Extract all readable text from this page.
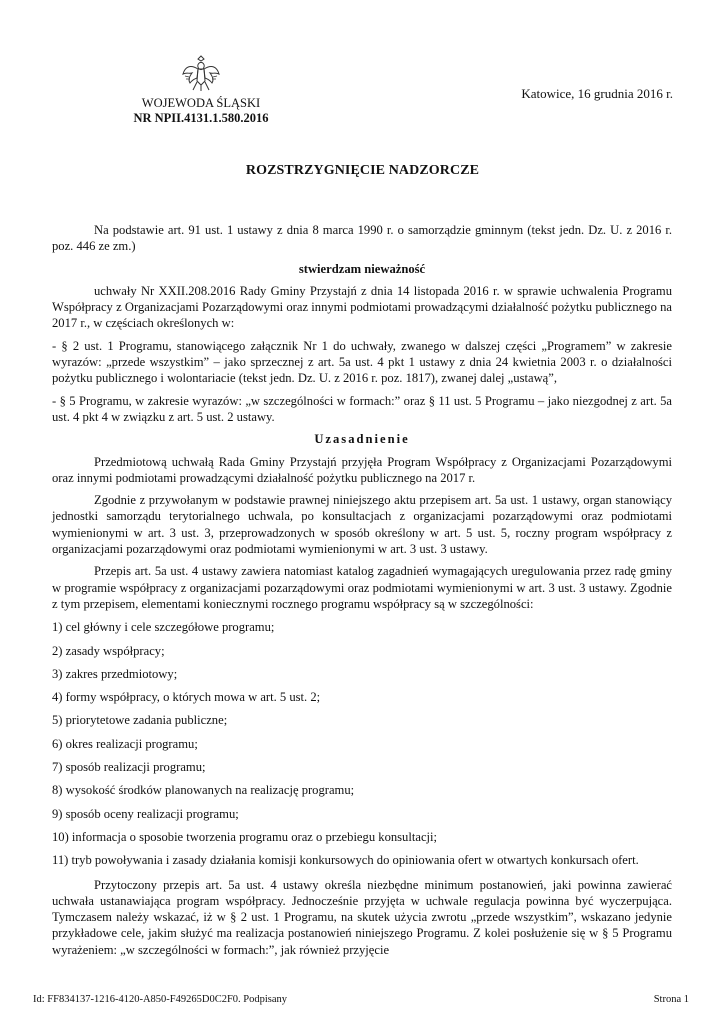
WOJEWODA ŚLĄSKI
NR NPII.4131.1.580.2016
Katowice, 16 grudnia 2016 r.
ROZSTRZYGNIĘCIE NADZORCZE

Na podstawie art. 91 ust. 1 ustawy z dnia 8 marca 1990 r. o samorządzie gminnym (tekst jedn. Dz. U. z 2016 r. poz. 446 ze zm.)

stwierdzam nieważność

uchwały Nr XXII.208.2016 Rady Gminy Przystajń z dnia 14 listopada 2016 r. w sprawie uchwalenia Programu Współpracy z Organizacjami Pozarządowymi oraz innymi podmiotami prowadzącymi działalność pożytku publicznego na 2017 r., w częściach określonych w:

- § 2 ust. 1 Programu, stanowiącego załącznik Nr 1 do uchwały, zwanego w dalszej części „Programem” w zakresie wyrazów: „przede wszystkim” – jako sprzecznej z art. 5a ust. 4 pkt 1 ustawy z dnia 24 kwietnia 2003 r. o działalności pożytku publicznego i wolontariacie (tekst jedn. Dz. U. z 2016 r. poz. 1817), zwanej dalej „ustawą”,

- § 5 Programu, w zakresie wyrazów: „w szczególności w formach:” oraz § 11 ust. 5 Programu – jako niezgodnej z art. 5a ust. 4 pkt 4 w związku z art. 5 ust. 2 ustawy.

Uzasadnienie

Przedmiotową uchwałą Rada Gminy Przystajń przyjęła Program Współpracy z Organizacjami Pozarządowymi oraz innymi podmiotami prowadzącymi działalność pożytku publicznego na 2017 r.

Zgodnie z przywołanym w podstawie prawnej niniejszego aktu przepisem art. 5a ust. 1 ustawy, organ stanowiący jednostki samorządu terytorialnego uchwala, po konsultacjach z organizacjami pozarządowymi oraz podmiotami wymienionymi w art. 3 ust. 3, przeprowadzonych w sposób określony w art. 5 ust. 5, roczny program współpracy z organizacjami pozarządowymi oraz podmiotami wymienionymi w art. 3 ust. 3 ustawy.

Przepis art. 5a ust. 4 ustawy zawiera natomiast katalog zagadnień wymagających uregulowania przez radę gminy w programie współpracy z organizacjami pozarządowymi oraz podmiotami wymienionymi w art. 3 ust. 3 ustawy. Zgodnie z tym przepisem, elementami koniecznymi rocznego programu współpracy są w szczególności:

1) cel główny i cele szczegółowe programu;

2) zasady współpracy;

3) zakres przedmiotowy;

4) formy współpracy, o których mowa w art. 5 ust. 2;

5) priorytetowe zadania publiczne;

6) okres realizacji programu;

7) sposób realizacji programu;

8) wysokość środków planowanych na realizację programu;

9) sposób oceny realizacji programu;

10) informacja o sposobie tworzenia programu oraz o przebiegu konsultacji;

11) tryb powoływania i zasady działania komisji konkursowych do opiniowania ofert w otwartych konkursach ofert.

Przytoczony przepis art. 5a ust. 4 ustawy określa niezbędne minimum postanowień, jaki powinna zawierać uchwała ustanawiająca program współpracy. Jednocześnie przyjęta w uchwale regulacja powinna być wyczerpująca. Tymczasem należy wskazać, iż w § 2 ust. 1 Programu, na skutek użycia zwrotu „przede wszystkim”, wskazano jedynie przykładowe cele, jakim służyć ma realizacja postanowień niniejszego Programu. Z kolei posłużenie się w § 5 Programu wyrażeniem: „w szczególności w formach:”, jak również przyjęcie

Id: FF834137-1216-4120-A850-F49265D0C2F0. Podpisany	Strona 1
